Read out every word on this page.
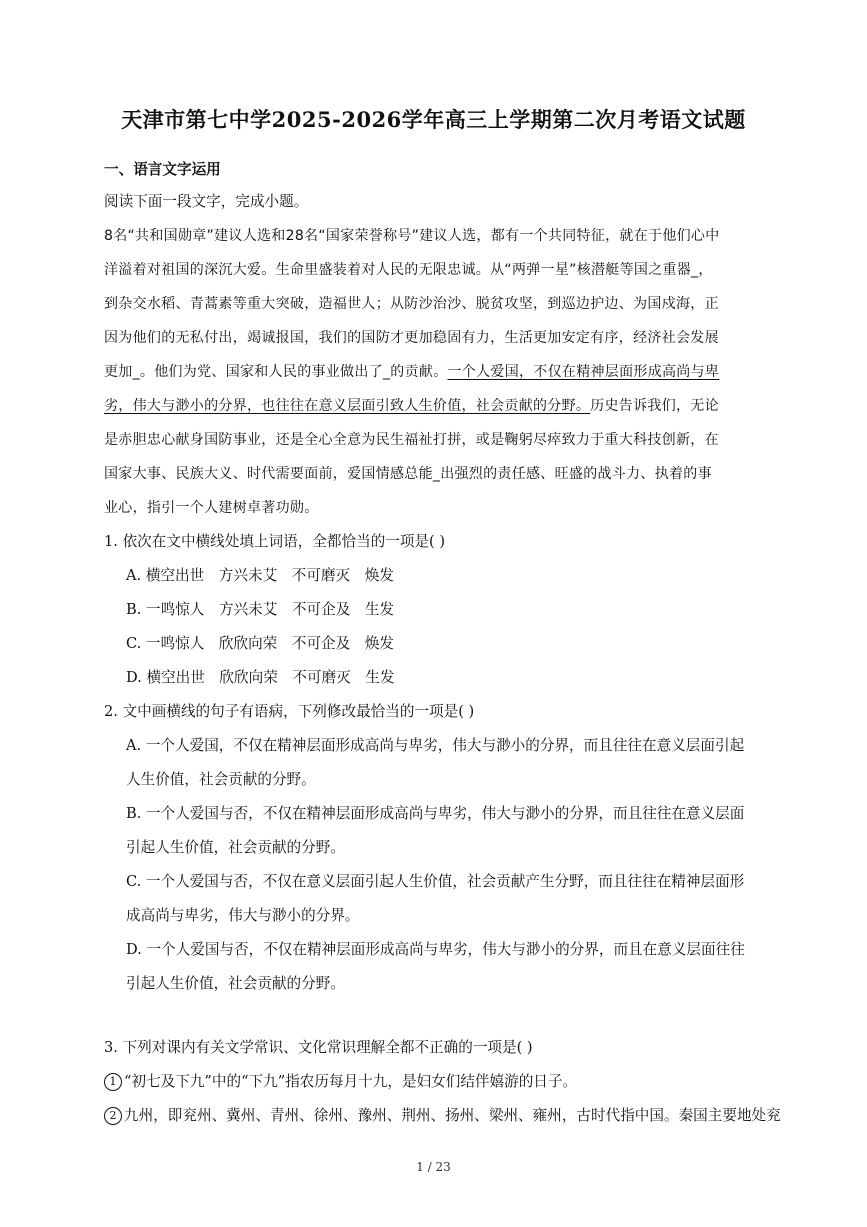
天津市第七中学2025-2026学年高三上学期第二次月考语文试题
一、语言文字运用
阅读下面一段文字，完成小题。
8名“共和国勋章”建议人选和28名“国家荣誉称号”建议人选，都有一个共同特征，就在于他们心中
洋溢着对祖国的深沉大爱。生命里盛装着对人民的无限忠诚。从“两弹一星”核潜艇等国之重器_，
到杂交水稻、青蒿素等重大突破，造福世人；从防沙治沙、脱贫攻坚，到巡边护边、为国戍海，正
因为他们的无私付出，竭诚报国，我们的国防才更加稳固有力，生活更加安定有序，经济社会发展
更加_。他们为党、国家和人民的事业做出了_的贡献。一个人爱国，不仅在精神层面形成高尚与卑
劣，伟大与渺小的分界，也往往在意义层面引致人生价值，社会贡献的分野。历史告诉我们，无论
是赤胆忠心献身国防事业，还是全心全意为民生福祉打拼，或是鞠躬尽瘁致力于重大科技创新，在
国家大事、民族大义、时代需要面前，爱国情感总能_出强烈的责任感、旺盛的战斗力、执着的事
业心，指引一个人建树卓著功勋。
1. 依次在文中横线处填上词语，全都恰当的一项是( )
A. 横空出世　方兴未艾　不可磨灭　焕发
B. 一鸣惊人　方兴未艾　不可企及　生发
C. 一鸣惊人　欣欣向荣　不可企及　焕发
D. 横空出世　欣欣向荣　不可磨灭　生发
2. 文中画横线的句子有语病，下列修改最恰当的一项是( )
A. 一个人爱国，不仅在精神层面形成高尚与卑劣，伟大与渺小的分界，而且往往在意义层面引起
人生价值，社会贡献的分野。
B. 一个人爱国与否，不仅在精神层面形成高尚与卑劣，伟大与渺小的分界，而且往往在意义层面
引起人生价值，社会贡献的分野。
C. 一个人爱国与否，不仅在意义层面引起人生价值，社会贡献产生分野，而且往往在精神层面形
成高尚与卑劣，伟大与渺小的分界。
D. 一个人爱国与否，不仅在精神层面形成高尚与卑劣，伟大与渺小的分界，而且在意义层面往往
引起人生价值，社会贡献的分野。
3. 下列对课内有关文学常识、文化常识理解全都不正确的一项是( )
1 “初七及下九”中的“下九”指农历每月十九，是妇女们结伴嬉游的日子。
2 九州，即兖州、冀州、青州、徐州、豫州、荆州、扬州、梁州、雍州，古时代指中国。秦国主要地处兖
1 / 23
